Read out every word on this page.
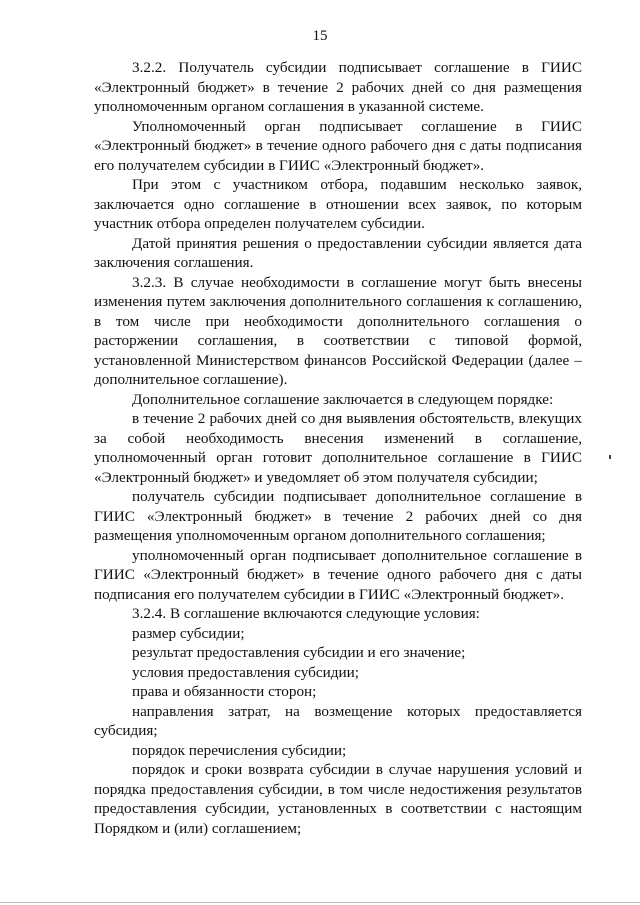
15

3.2.2. Получатель субсидии подписывает соглашение в ГИИС «Электронный бюджет» в течение 2 рабочих дней со дня размещения уполномоченным органом соглашения в указанной системе.

Уполномоченный орган подписывает соглашение в ГИИС «Электронный бюджет» в течение одного рабочего дня с даты подписания его получателем субсидии в ГИИС «Электронный бюджет».

При этом с участником отбора, подавшим несколько заявок, заключается одно соглашение в отношении всех заявок, по которым участник отбора определен получателем субсидии.

Датой принятия решения о предоставлении субсидии является дата заключения соглашения.

3.2.3. В случае необходимости в соглашение могут быть внесены изменения путем заключения дополнительного соглашения к соглашению, в том числе при необходимости дополнительного соглашения о расторжении соглашения, в соответствии с типовой формой, установленной Министерством финансов Российской Федерации (далее – дополнительное соглашение).

Дополнительное соглашение заключается в следующем порядке:

в течение 2 рабочих дней со дня выявления обстоятельств, влекущих за собой необходимость внесения изменений в соглашение, уполномоченный орган готовит дополнительное соглашение в ГИИС «Электронный бюджет» и уведомляет об этом получателя субсидии;

получатель субсидии подписывает дополнительное соглашение в ГИИС «Электронный бюджет» в течение 2 рабочих дней со дня размещения уполномоченным органом дополнительного соглашения;

уполномоченный орган подписывает дополнительное соглашение в ГИИС «Электронный бюджет» в течение одного рабочего дня с даты подписания его получателем субсидии в ГИИС «Электронный бюджет».

3.2.4. В соглашение включаются следующие условия:

размер субсидии;

результат предоставления субсидии и его значение;

условия предоставления субсидии;

права и обязанности сторон;

направления затрат, на возмещение которых предоставляется субсидия;

порядок перечисления субсидии;

порядок и сроки возврата субсидии в случае нарушения условий и порядка предоставления субсидии, в том числе недостижения результатов предоставления субсидии, установленных в соответствии с настоящим Порядком и (или) соглашением;
